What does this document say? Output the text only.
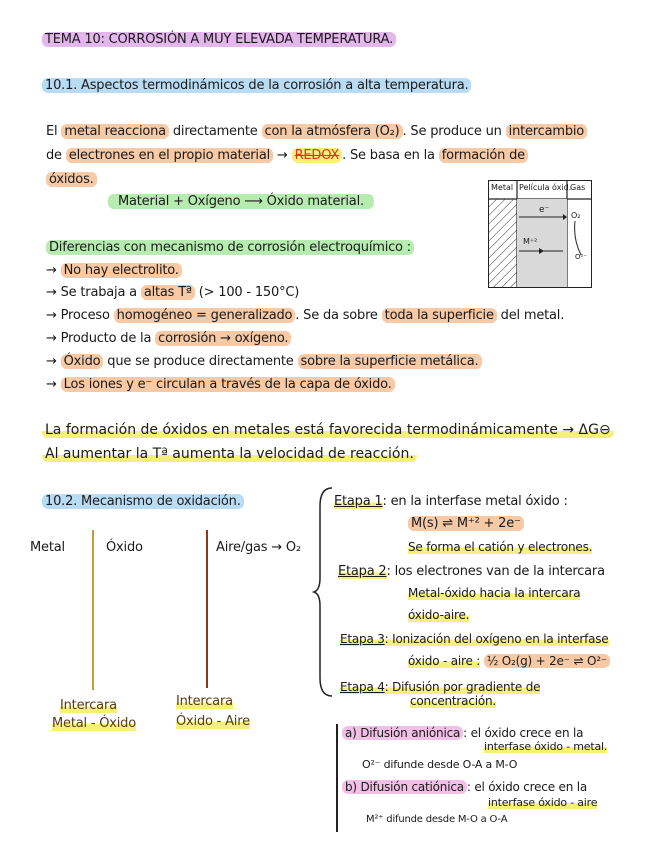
TEMA 10: CORROSIÓN A MUY ELEVADA TEMPERATURA.
10.1. Aspectos termodinámicos de la corrosión a alta temperatura.
El metal reacciona directamente con la atmósfera (O₂) . Se produce un intercambio
de electrones en el propio material → REDOX . Se basa en la formación de
óxidos.
Material + Oxígeno ⟶ Óxido material.
Metal Película óxid.
Gas
e⁻
M⁺²
O₂
O²⁻
Diferencias con mecanismo de corrosión electroquímico :
→ No hay electrolito.
→ Se trabaja a altas Tª (> 100 - 150°C)
→ Proceso homogéneo = generalizado . Se da sobre toda la superficie del metal.
→ Producto de la corrosión → oxígeno.
→ Óxido que se produce directamente sobre la superficie metálica.
→ Los iones y e⁻ circulan a través de la capa de óxido.
La formación de óxidos en metales está favorecida termodinámicamente → ΔG⊖
Al aumentar la Tª aumenta la velocidad de reacción.
10.2. Mecanismo de oxidación.
Metal	Óxido	Aire/gas → O₂
Intercara
Metal - Óxido
Intercara
Óxido - Aire
Etapa 1: en la interfase metal óxido :
M(s) ⇌ M⁺² + 2e⁻
Se forma el catión y electrones.
Etapa 2: los electrones van de la intercara
Metal-óxido hacia la intercara
óxido-aire.
Etapa 3: Ionización del oxígeno en la interfase
óxido - aire : ½ O₂(g) + 2e⁻ ⇌ O²⁻
Etapa 4: Difusión por gradiente de
concentración.
a) Difusión aniónica : el óxido crece en la
interfase óxido - metal.
O²⁻ difunde desde O-A a M-O
b) Difusión catiónica : el óxido crece en la
interfase óxido - aire
M²⁺ difunde desde M-O a O-A
